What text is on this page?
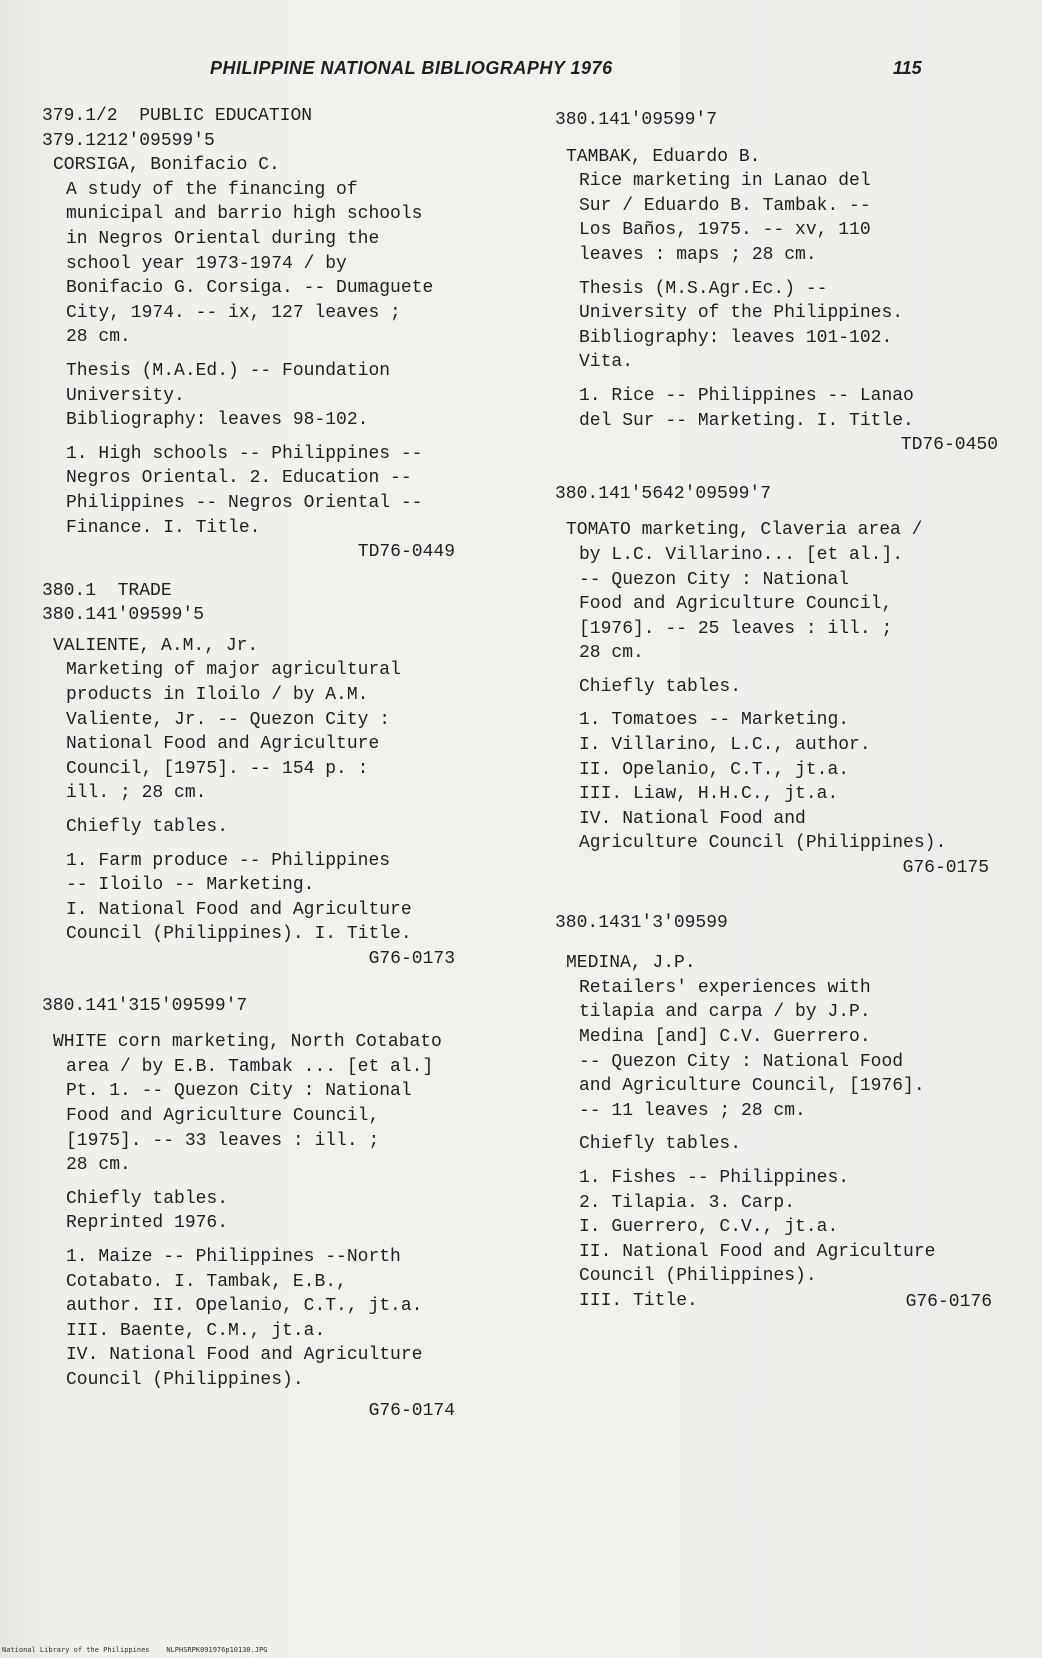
PHILIPPINE NATIONAL BIBLIOGRAPHY 1976	115

379.1/2  PUBLIC EDUCATION

379.1212'09599'5

CORSIGA, Bonifacio C.

A study of the financing of

municipal and barrio high schools

in Negros Oriental during the

school year 1973-1974 / by

Bonifacio G. Corsiga. -- Dumaguete

City, 1974. -- ix, 127 leaves ;

28 cm.

Thesis (M.A.Ed.) -- Foundation

University.

Bibliography: leaves 98-102.

1. High schools -- Philippines --

Negros Oriental. 2. Education --

Philippines -- Negros Oriental --

Finance. I. Title.

TD76-0449

380.1  TRADE

380.141'09599'5

VALIENTE, A.M., Jr.

Marketing of major agricultural

products in Iloilo / by A.M.

Valiente, Jr. -- Quezon City :

National Food and Agriculture

Council, [1975]. -- 154 p. :

ill. ; 28 cm.

Chiefly tables.

1. Farm produce -- Philippines

-- Iloilo -- Marketing.

I. National Food and Agriculture

Council (Philippines). I. Title.

G76-0173

380.141'315'09599'7

WHITE corn marketing, North Cotabato

area / by E.B. Tambak ... [et al.]

Pt. 1. -- Quezon City : National

Food and Agriculture Council,

[1975]. -- 33 leaves : ill. ;

28 cm.

Chiefly tables.

Reprinted 1976.

1. Maize -- Philippines --North

Cotabato. I. Tambak, E.B.,

author. II. Opelanio, C.T., jt.a.

III. Baente, C.M., jt.a.

IV. National Food and Agriculture

Council (Philippines).

G76-0174

380.141'09599'7

TAMBAK, Eduardo B.

Rice marketing in Lanao del

Sur / Eduardo B. Tambak. --

Los Baños, 1975. -- xv, 110

leaves : maps ; 28 cm.

Thesis (M.S.Agr.Ec.) --

University of the Philippines.

Bibliography: leaves 101-102.

Vita.

1. Rice -- Philippines -- Lanao

del Sur -- Marketing. I. Title.

TD76-0450

380.141'5642'09599'7

TOMATO marketing, Claveria area /

by L.C. Villarino... [et al.].

-- Quezon City : National

Food and Agriculture Council,

[1976]. -- 25 leaves : ill. ;

28 cm.

Chiefly tables.

1. Tomatoes -- Marketing.

I. Villarino, L.C., author.

II. Opelanio, C.T., jt.a.

III. Liaw, H.H.C., jt.a.

IV. National Food and

Agriculture Council (Philippines).

G76-0175

380.1431'3'09599

MEDINA, J.P.

Retailers' experiences with

tilapia and carpa / by J.P.

Medina [and] C.V. Guerrero.

-- Quezon City : National Food

and Agriculture Council, [1976].

-- 11 leaves ; 28 cm.

Chiefly tables.

1. Fishes -- Philippines.

2. Tilapia. 3. Carp.

I. Guerrero, C.V., jt.a.

II. National Food and Agriculture

Council (Philippines).

III. Title.	G76-0176

National Library of the Philippines    NLPHSRPK091976p10130.JPG
